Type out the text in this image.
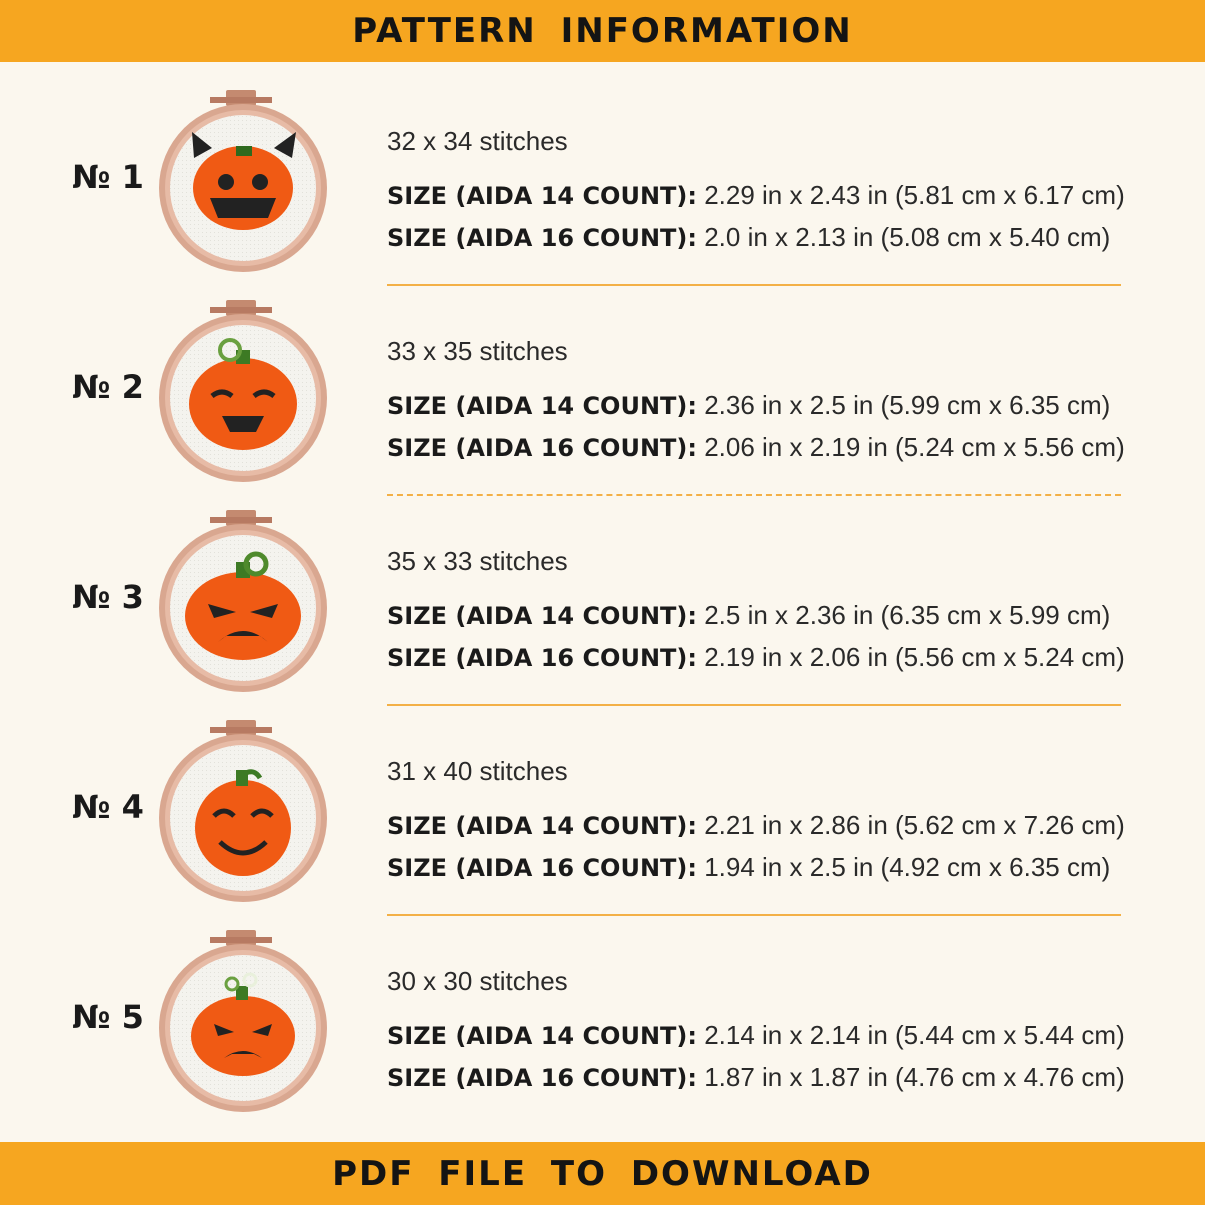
PATTERN INFORMATION
№ 1
32 x 34 stitches
SIZE (AIDA 14 COUNT): 2.29 in x 2.43 in (5.81 cm x 6.17 cm)
SIZE (AIDA 16 COUNT): 2.0 in x 2.13 in (5.08 cm x 5.40 cm)
№ 2
33 x 35 stitches
SIZE (AIDA 14 COUNT): 2.36 in x 2.5 in (5.99 cm x 6.35 cm)
SIZE (AIDA 16 COUNT): 2.06 in x 2.19 in (5.24 cm x 5.56 cm)
№ 3
35 x 33 stitches
SIZE (AIDA 14 COUNT): 2.5 in x 2.36 in (6.35 cm x 5.99 cm)
SIZE (AIDA 16 COUNT): 2.19 in x 2.06 in (5.56 cm x 5.24 cm)
№ 4
31 x 40 stitches
SIZE (AIDA 14 COUNT): 2.21 in x 2.86 in (5.62 cm x 7.26 cm)
SIZE (AIDA 16 COUNT): 1.94 in x 2.5 in (4.92 cm x 6.35 cm)
№ 5
30 x 30 stitches
SIZE (AIDA 14 COUNT): 2.14 in x 2.14 in (5.44 cm x 5.44 cm)
SIZE (AIDA 16 COUNT): 1.87 in x 1.87 in (4.76 cm x 4.76 cm)
PDF FILE TO DOWNLOAD
